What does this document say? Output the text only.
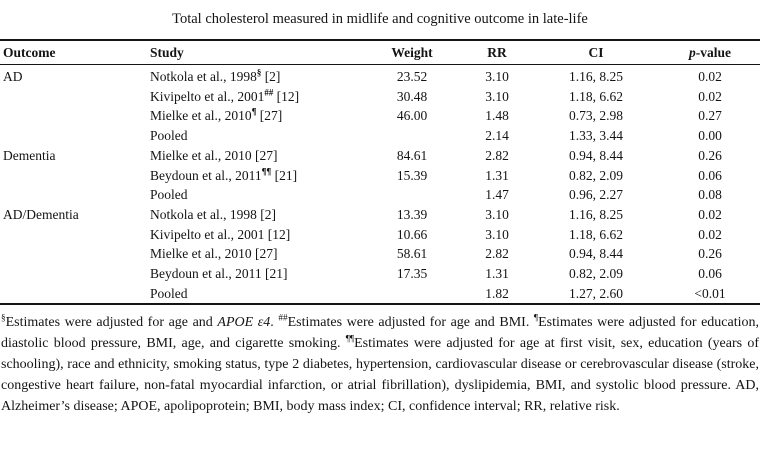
Total cholesterol measured in midlife and cognitive outcome in late-life
Outcome	Study	Weight	RR	CI	p-value
AD	Notkola et al., 1998§ [2]	23.52	3.10	1.16, 8.25	0.02
	Kivipelto et al., 2001## [12]	30.48	3.10	1.18, 6.62	0.02
	Mielke et al., 2010¶ [27]	46.00	1.48	0.73, 2.98	0.27
	Pooled		2.14	1.33, 3.44	0.00
Dementia	Mielke et al., 2010 [27]	84.61	2.82	0.94, 8.44	0.26
	Beydoun et al., 2011¶¶ [21]	15.39	1.31	0.82, 2.09	0.06
	Pooled		1.47	0.96, 2.27	0.08
AD/Dementia	Notkola et al., 1998 [2]	13.39	3.10	1.16, 8.25	0.02
	Kivipelto et al., 2001 [12]	10.66	3.10	1.18, 6.62	0.02
	Mielke et al., 2010 [27]	58.61	2.82	0.94, 8.44	0.26
	Beydoun et al., 2011 [21]	17.35	1.31	0.82, 2.09	0.06
	Pooled		1.82	1.27, 2.60	<0.01
§Estimates were adjusted for age and APOE ε4. ##Estimates were adjusted for age and BMI. ¶Estimates were adjusted for education, diastolic blood pressure, BMI, age, and cigarette smoking. ¶¶Estimates were adjusted for age at first visit, sex, education (years of schooling), race and ethnicity, smoking status, type 2 diabetes, hypertension, cardiovascular disease or cerebrovascular disease (stroke, congestive heart failure, non-fatal myocardial infarction, or atrial fibrillation), dyslipidemia, BMI, and systolic blood pressure. AD, Alzheimer’s disease; APOE, apolipoprotein; BMI, body mass index; CI, confidence interval; RR, relative risk.
